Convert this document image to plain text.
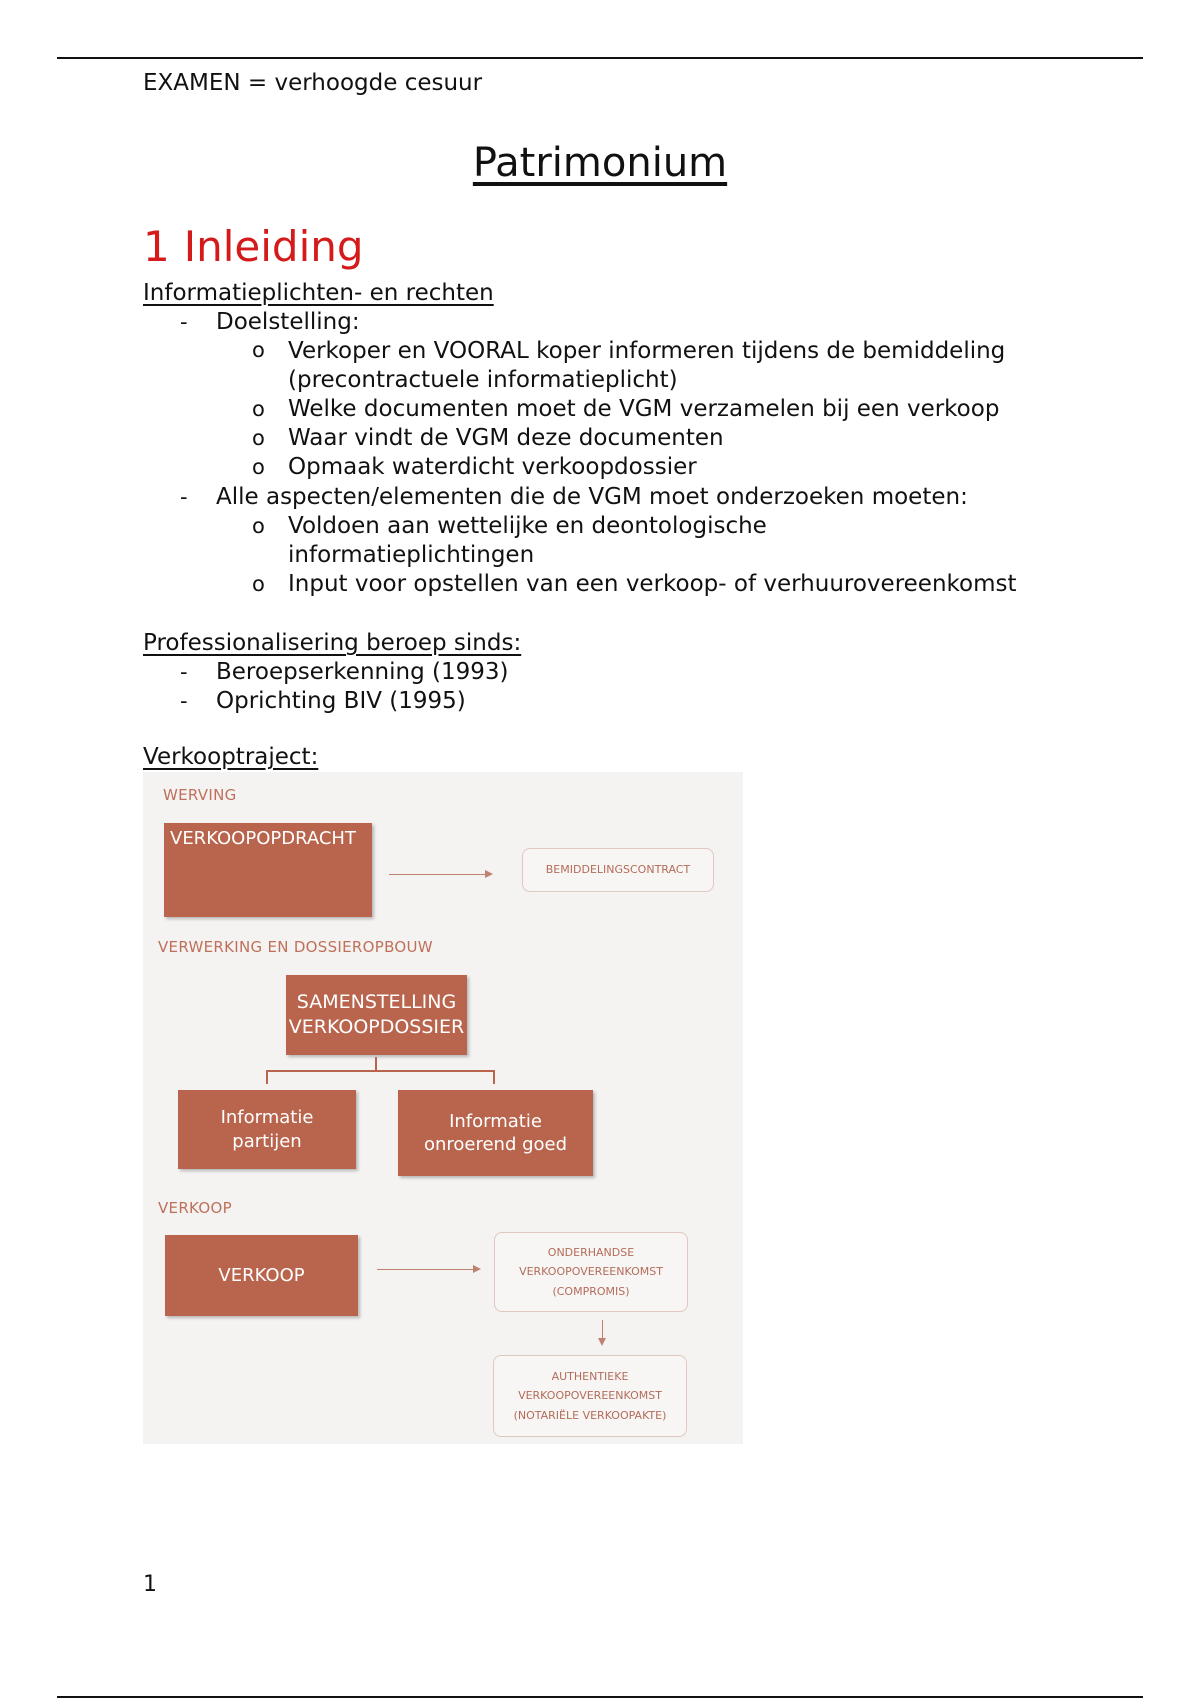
EXAMEN = verhoogde cesuur
Patrimonium
1 Inleiding
Informatieplichten- en rechten
- Doelstelling:
o Verkoper en VOORAL koper informeren tijdens de bemiddeling
(precontractuele informatieplicht)
o Welke documenten moet de VGM verzamelen bij een verkoop
o Waar vindt de VGM deze documenten
o Opmaak waterdicht verkoopdossier
- Alle aspecten/elementen die de VGM moet onderzoeken moeten:
o Voldoen aan wettelijke en deontologische
informatieplichtingen
o Input voor opstellen van een verkoop- of verhuurovereenkomst
Professionalisering beroep sinds:
- Beroepserkenning (1993)
- Oprichting BIV (1995)
Verkooptraject:
WERVING
VERKOOPOPDRACHT
BEMIDDELINGSCONTRACT
VERWERKING EN DOSSIEROPBOUW
SAMENSTELLING
VERKOOPDOSSIER
Informatie
partijen
Informatie
onroerend goed
VERKOOP
VERKOOP
ONDERHANDSE
VERKOOPOVEREENKOMST
(COMPROMIS)
AUTHENTIEKE
VERKOOPOVEREENKOMST
(NOTARIËLE VERKOOPAKTE)
1
